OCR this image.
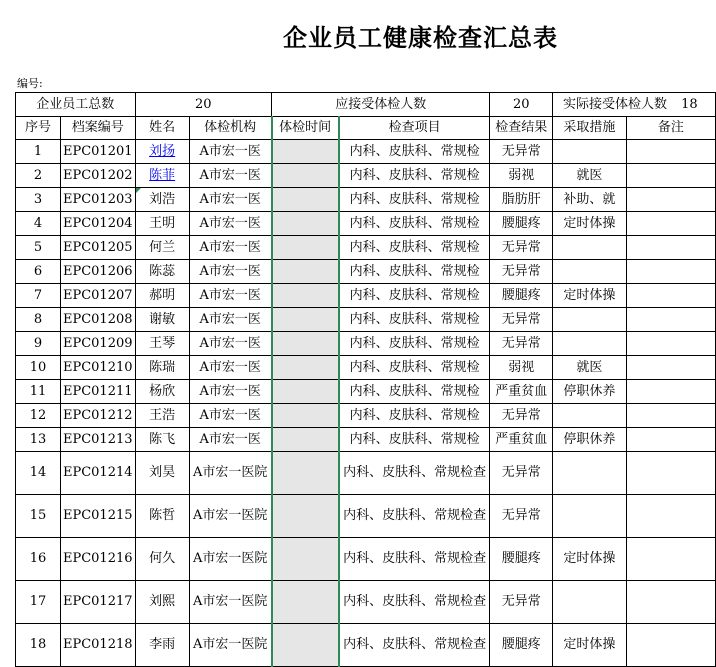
企业员工健康检查汇总表
编号:
企业员工总数		20		应接受体检人数		20	实际接受体检人数 18	
序号	档案编号	姓名	体检机构	体检时间	检查项目	检查结果	采取措施	备注
1	EPC01201	刘扬	A市宏一医		内科、皮肤科、常规检	无异常		
2	EPC01202	陈菲	A市宏一医		内科、皮肤科、常规检	弱视	就医	
3	EPC01203	刘浩	A市宏一医		内科、皮肤科、常规检	脂肪肝	补助、就	
4	EPC01204	王明	A市宏一医		内科、皮肤科、常规检	腰腿疼	定时体操	
5	EPC01205	何兰	A市宏一医		内科、皮肤科、常规检	无异常		
6	EPC01206	陈蕊	A市宏一医		内科、皮肤科、常规检	无异常		
7	EPC01207	郝明	A市宏一医		内科、皮肤科、常规检	腰腿疼	定时体操	
8	EPC01208	谢敏	A市宏一医		内科、皮肤科、常规检	无异常		
9	EPC01209	王琴	A市宏一医		内科、皮肤科、常规检	无异常		
10	EPC01210	陈瑞	A市宏一医		内科、皮肤科、常规检	弱视	就医	
11	EPC01211	杨欣	A市宏一医		内科、皮肤科、常规检	严重贫血	停职休养	
12	EPC01212	王浩	A市宏一医		内科、皮肤科、常规检	无异常		
13	EPC01213	陈飞	A市宏一医		内科、皮肤科、常规检	严重贫血	停职休养	
14	EPC01214	刘昊	A市宏一医院		内科、皮肤科、常规检查	无异常		
15	EPC01215	陈哲	A市宏一医院		内科、皮肤科、常规检查	无异常		
16	EPC01216	何久	A市宏一医院		内科、皮肤科、常规检查	腰腿疼	定时体操	
17	EPC01217	刘熙	A市宏一医院		内科、皮肤科、常规检查	无异常		
18	EPC01218	李雨	A市宏一医院		内科、皮肤科、常规检查	腰腿疼	定时体操	
